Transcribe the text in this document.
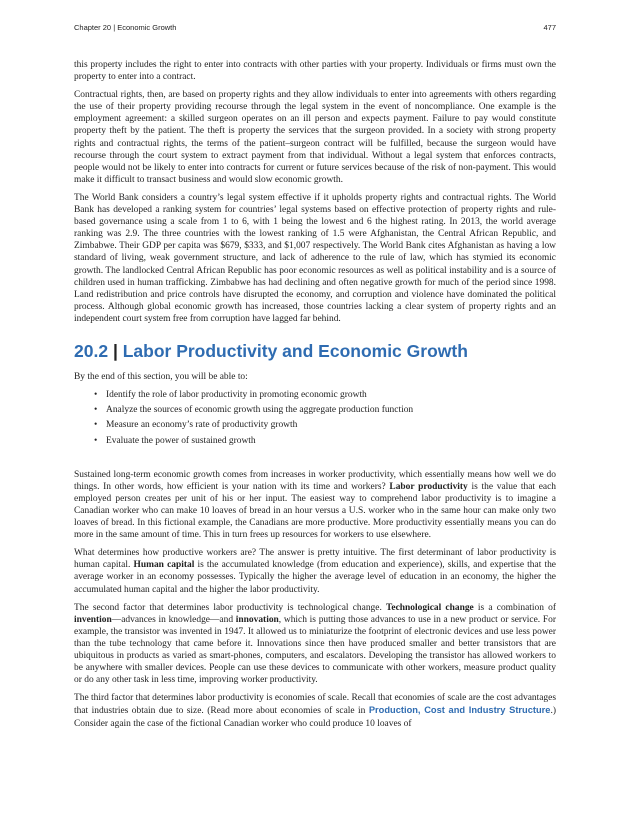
Chapter 20 | Economic Growth	477

this property includes the right to enter into contracts with other parties with your property. Individuals or firms must own the property to enter into a contract.

Contractual rights, then, are based on property rights and they allow individuals to enter into agreements with others regarding the use of their property providing recourse through the legal system in the event of noncompliance. One example is the employment agreement: a skilled surgeon operates on an ill person and expects payment. Failure to pay would constitute property theft by the patient. The theft is property the services that the surgeon provided. In a society with strong property rights and contractual rights, the terms of the patient–surgeon contract will be fulfilled, because the surgeon would have recourse through the court system to extract payment from that individual. Without a legal system that enforces contracts, people would not be likely to enter into contracts for current or future services because of the risk of non-payment. This would make it difficult to transact business and would slow economic growth.

The World Bank considers a country’s legal system effective if it upholds property rights and contractual rights. The World Bank has developed a ranking system for countries’ legal systems based on effective protection of property rights and rule-based governance using a scale from 1 to 6, with 1 being the lowest and 6 the highest rating. In 2013, the world average ranking was 2.9. The three countries with the lowest ranking of 1.5 were Afghanistan, the Central African Republic, and Zimbabwe. Their GDP per capita was $679, $333, and $1,007 respectively. The World Bank cites Afghanistan as having a low standard of living, weak government structure, and lack of adherence to the rule of law, which has stymied its economic growth. The landlocked Central African Republic has poor economic resources as well as political instability and is a source of children used in human trafficking. Zimbabwe has had declining and often negative growth for much of the period since 1998. Land redistribution and price controls have disrupted the economy, and corruption and violence have dominated the political process. Although global economic growth has increased, those countries lacking a clear system of property rights and an independent court system free from corruption have lagged far behind.

20.2 | Labor Productivity and Economic Growth

By the end of this section, you will be able to:

• Identify the role of labor productivity in promoting economic growth
• Analyze the sources of economic growth using the aggregate production function
• Measure an economy’s rate of productivity growth
• Evaluate the power of sustained growth

Sustained long-term economic growth comes from increases in worker productivity, which essentially means how well we do things. In other words, how efficient is your nation with its time and workers? Labor productivity is the value that each employed person creates per unit of his or her input. The easiest way to comprehend labor productivity is to imagine a Canadian worker who can make 10 loaves of bread in an hour versus a U.S. worker who in the same hour can make only two loaves of bread. In this fictional example, the Canadians are more productive. More productivity essentially means you can do more in the same amount of time. This in turn frees up resources for workers to use elsewhere.

What determines how productive workers are? The answer is pretty intuitive. The first determinant of labor productivity is human capital. Human capital is the accumulated knowledge (from education and experience), skills, and expertise that the average worker in an economy possesses. Typically the higher the average level of education in an economy, the higher the accumulated human capital and the higher the labor productivity.

The second factor that determines labor productivity is technological change. Technological change is a combination of invention—advances in knowledge—and innovation, which is putting those advances to use in a new product or service. For example, the transistor was invented in 1947. It allowed us to miniaturize the footprint of electronic devices and use less power than the tube technology that came before it. Innovations since then have produced smaller and better transistors that are ubiquitous in products as varied as smart-phones, computers, and escalators. Developing the transistor has allowed workers to be anywhere with smaller devices. People can use these devices to communicate with other workers, measure product quality or do any other task in less time, improving worker productivity.

The third factor that determines labor productivity is economies of scale. Recall that economies of scale are the cost advantages that industries obtain due to size. (Read more about economies of scale in Production, Cost and Industry Structure.) Consider again the case of the fictional Canadian worker who could produce 10 loaves of
